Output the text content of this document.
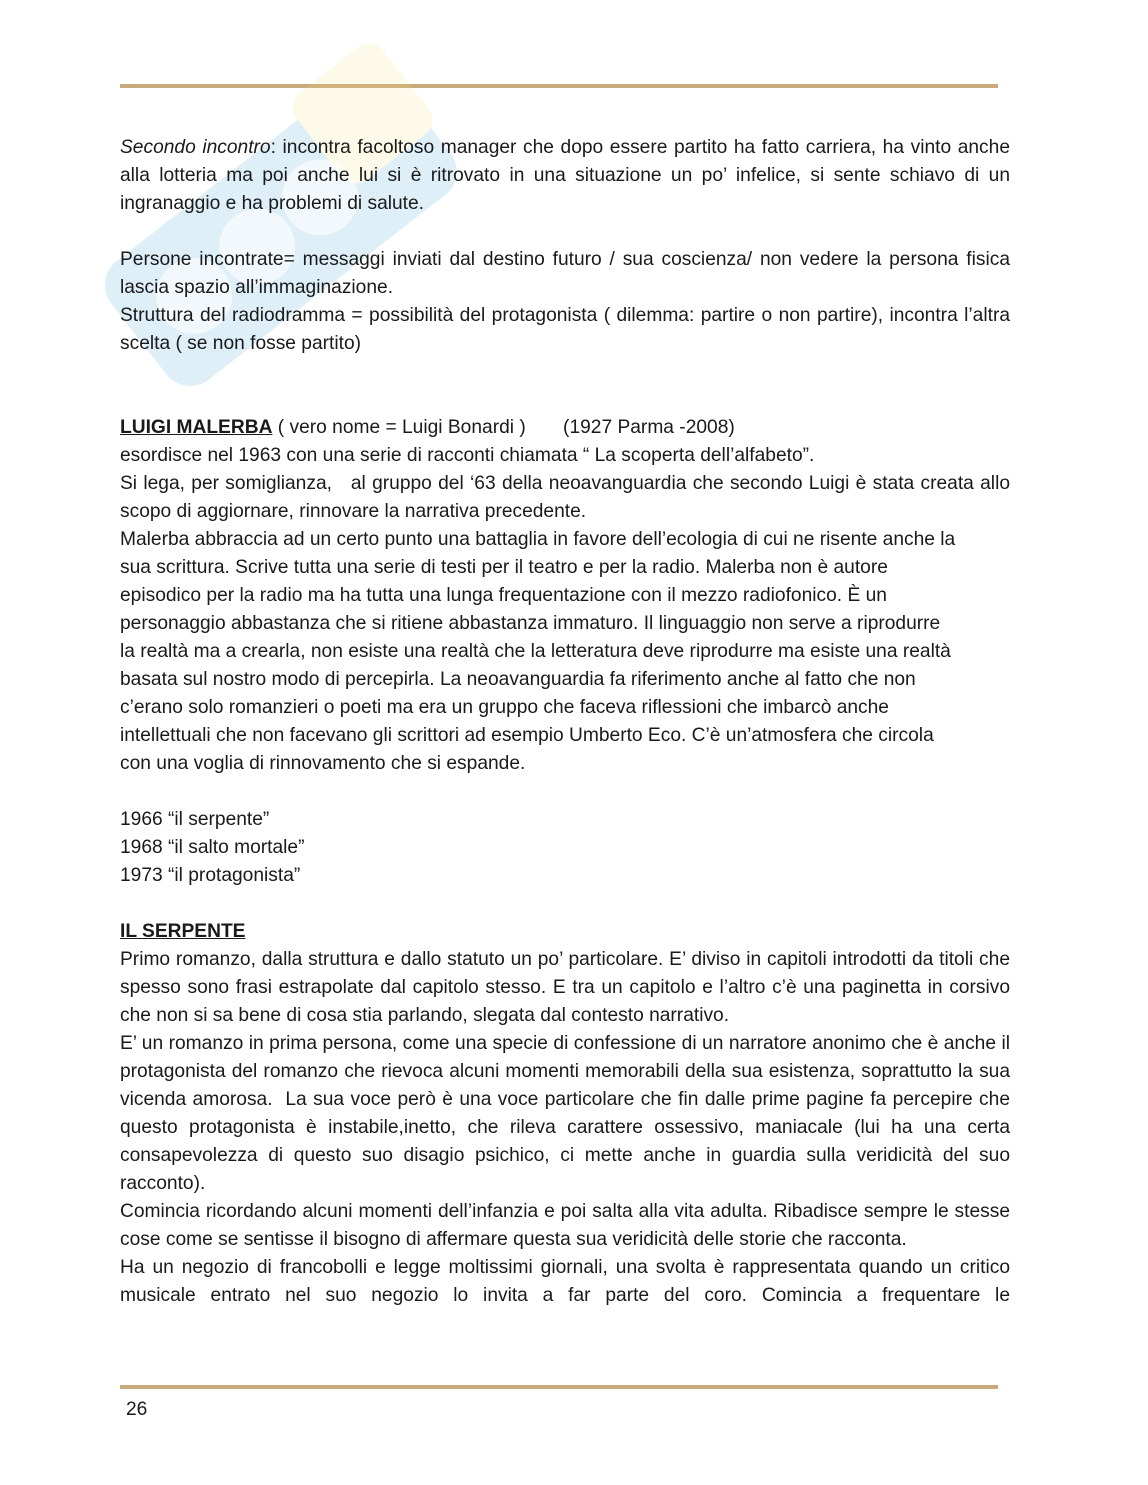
Secondo incontro: incontra facoltoso manager che dopo essere partito ha fatto carriera, ha vinto anche alla lotteria ma poi anche lui si è ritrovato in una situazione un po’ infelice, si sente schiavo di un ingranaggio e ha problemi di salute.

Persone incontrate= messaggi inviati dal destino futuro / sua coscienza/ non vedere la persona fisica lascia spazio all’immaginazione.

Struttura del radiodramma = possibilità del protagonista ( dilemma: partire o non partire), incontra l’altra scelta ( se non fosse partito)

LUIGI MALERBA ( vero nome = Luigi Bonardi )       (1927 Parma -2008)

esordisce nel 1963 con una serie di racconti chiamata “ La scoperta dell’alfabeto”.

Si lega, per somiglianza,   al gruppo del ‘63 della neoavanguardia che secondo Luigi è stata creata allo scopo di aggiornare, rinnovare la narrativa precedente.

Malerba abbraccia ad un certo punto una battaglia in favore dell’ecologia di cui ne risente anche la sua scrittura. Scrive tutta una serie di testi per il teatro e per la radio. Malerba non è autore episodico per la radio ma ha tutta una lunga frequentazione con il mezzo radiofonico. È un personaggio abbastanza che si ritiene abbastanza immaturo. Il linguaggio non serve a riprodurre la realtà ma a crearla, non esiste una realtà che la letteratura deve riprodurre ma esiste una realtà basata sul nostro modo di percepirla. La neoavanguardia fa riferimento anche al fatto che non c’erano solo romanzieri o poeti ma era un gruppo che faceva riflessioni che imbarcò anche intellettuali che non facevano gli scrittori ad esempio Umberto Eco. C’è un’atmosfera che circola con una voglia di rinnovamento che si espande.

1966 “il serpente”

1968 “il salto mortale”

1973 “il protagonista”

IL SERPENTE

Primo romanzo, dalla struttura e dallo statuto un po’ particolare. E’ diviso in capitoli introdotti da titoli che spesso sono frasi estrapolate dal capitolo stesso. E tra un capitolo e l’altro c’è una paginetta in corsivo che non si sa bene di cosa stia parlando, slegata dal contesto narrativo.

E’ un romanzo in prima persona, come una specie di confessione di un narratore anonimo che è anche il protagonista del romanzo che rievoca alcuni momenti memorabili della sua esistenza, soprattutto la sua vicenda amorosa.  La sua voce però è una voce particolare che fin dalle prime pagine fa percepire che questo protagonista è instabile,inetto, che rileva carattere ossessivo, maniacale (lui ha una certa consapevolezza di questo suo disagio psichico, ci mette anche in guardia sulla veridicità del suo racconto).

Comincia ricordando alcuni momenti dell’infanzia e poi salta alla vita adulta. Ribadisce sempre le stesse cose come se sentisse il bisogno di affermare questa sua veridicità delle storie che racconta.

Ha un negozio di francobolli e legge moltissimi giornali, una svolta è rappresentata quando un critico musicale entrato nel suo negozio lo invita a far parte del coro. Comincia a frequentare le

26
